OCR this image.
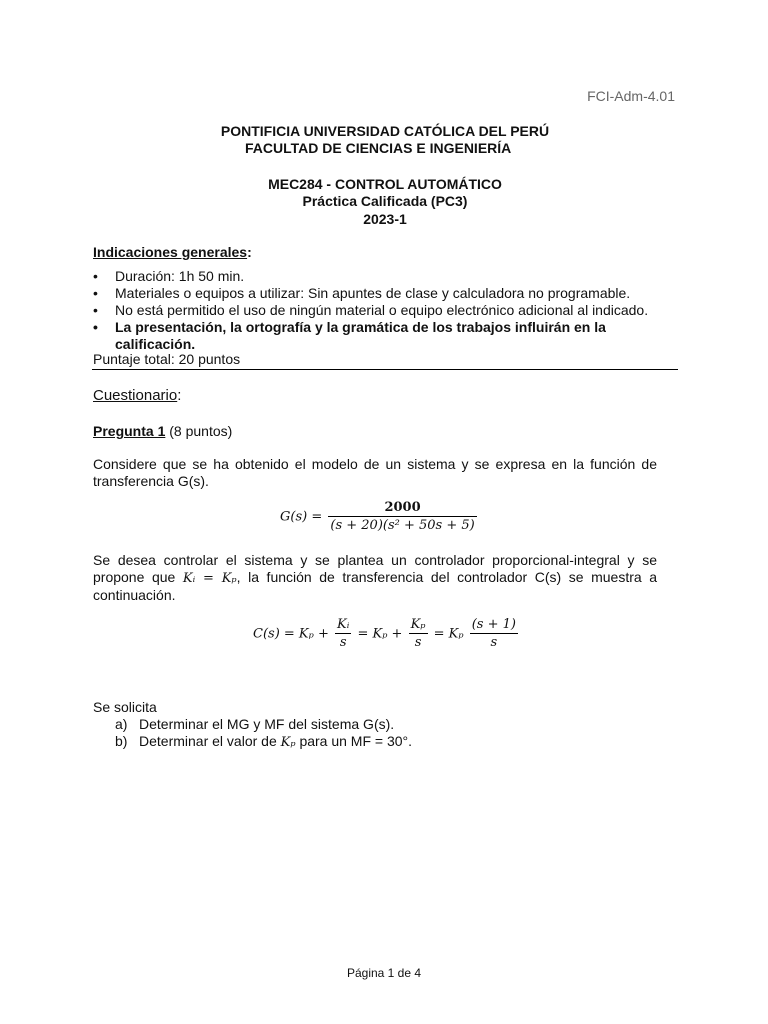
FCI-Adm-4.01
PONTIFICIA UNIVERSIDAD CATÓLICA DEL PERÚ
FACULTAD DE CIENCIAS E INGENIERÍA
MEC284 - CONTROL AUTOMÁTICO
Práctica Calificada (PC3)
2023-1
Indicaciones generales:
• Duración: 1h 50 min.
• Materiales o equipos a utilizar: Sin apuntes de clase y calculadora no programable.
• No está permitido el uso de ningún material o equipo electrónico adicional al indicado.
• La presentación, la ortografía y la gramática de los trabajos influirán en la calificación.
Puntaje total: 20 puntos
Cuestionario:
Pregunta 1 (8 puntos)
Considere que se ha obtenido el modelo de un sistema y se expresa en la función de transferencia G(s).
$G(s) = \frac{2000}{\text{(s + 20)(s² + 50s + 5)}}$
Se desea controlar el sistema y se plantea un controlador proporcional-integral y se propone que Kᵢ = Kₚ, la función de transferencia del controlador C(s) se muestra a continuación.
$C(s) = K_p + \frac{\text{Kᵢ}}{s} = K_p + \frac{\text{Kₚ}}{s} = K_p \frac{(s + 1)}{s}$
Se solicita
a) Determinar el MG y MF del sistema G(s).
b) Determinar el valor de Kₚ para un MF = 30°.
Página 1 de 4
